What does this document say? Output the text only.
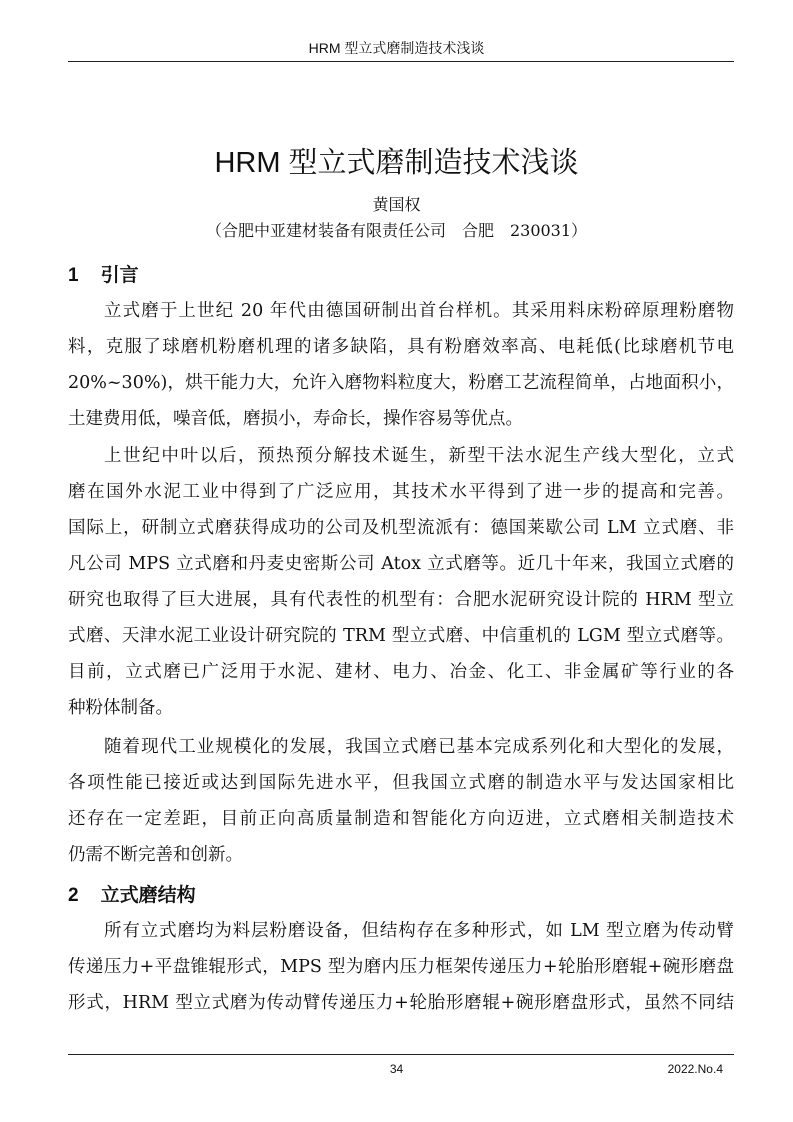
HRM 型立式磨制造技术浅谈
HRM 型立式磨制造技术浅谈
黄国权
（合肥中亚建材装备有限责任公司　合肥　230031）
1 引言
立式磨于上世纪 20 年代由德国研制出首台样机。其采用料床粉碎原理粉磨物
料，克服了球磨机粉磨机理的诸多缺陷，具有粉磨效率高、电耗低(比球磨机节电
20%~30%)，烘干能力大，允许入磨物料粒度大，粉磨工艺流程简单，占地面积小，
土建费用低，噪音低，磨损小，寿命长，操作容易等优点。
上世纪中叶以后，预热预分解技术诞生，新型干法水泥生产线大型化，立式
磨在国外水泥工业中得到了广泛应用，其技术水平得到了进一步的提高和完善。
国际上，研制立式磨获得成功的公司及机型流派有：德国莱歇公司 LM 立式磨、非
凡公司 MPS 立式磨和丹麦史密斯公司 Atox 立式磨等。近几十年来，我国立式磨的
研究也取得了巨大进展，具有代表性的机型有：合肥水泥研究设计院的 HRM 型立
式磨、天津水泥工业设计研究院的 TRM 型立式磨、中信重机的 LGM 型立式磨等。
目前，立式磨已广泛用于水泥、建材、电力、冶金、化工、非金属矿等行业的各
种粉体制备。
随着现代工业规模化的发展，我国立式磨已基本完成系列化和大型化的发展，
各项性能已接近或达到国际先进水平，但我国立式磨的制造水平与发达国家相比
还存在一定差距，目前正向高质量制造和智能化方向迈进，立式磨相关制造技术
仍需不断完善和创新。
2 立式磨结构
所有立式磨均为料层粉磨设备，但结构存在多种形式，如 LM 型立磨为传动臂
传递压力+平盘锥辊形式，MPS 型为磨内压力框架传递压力+轮胎形磨辊+碗形磨盘
形式，HRM 型立式磨为传动臂传递压力+轮胎形磨辊+碗形磨盘形式，虽然不同结
34	2022.No.4
